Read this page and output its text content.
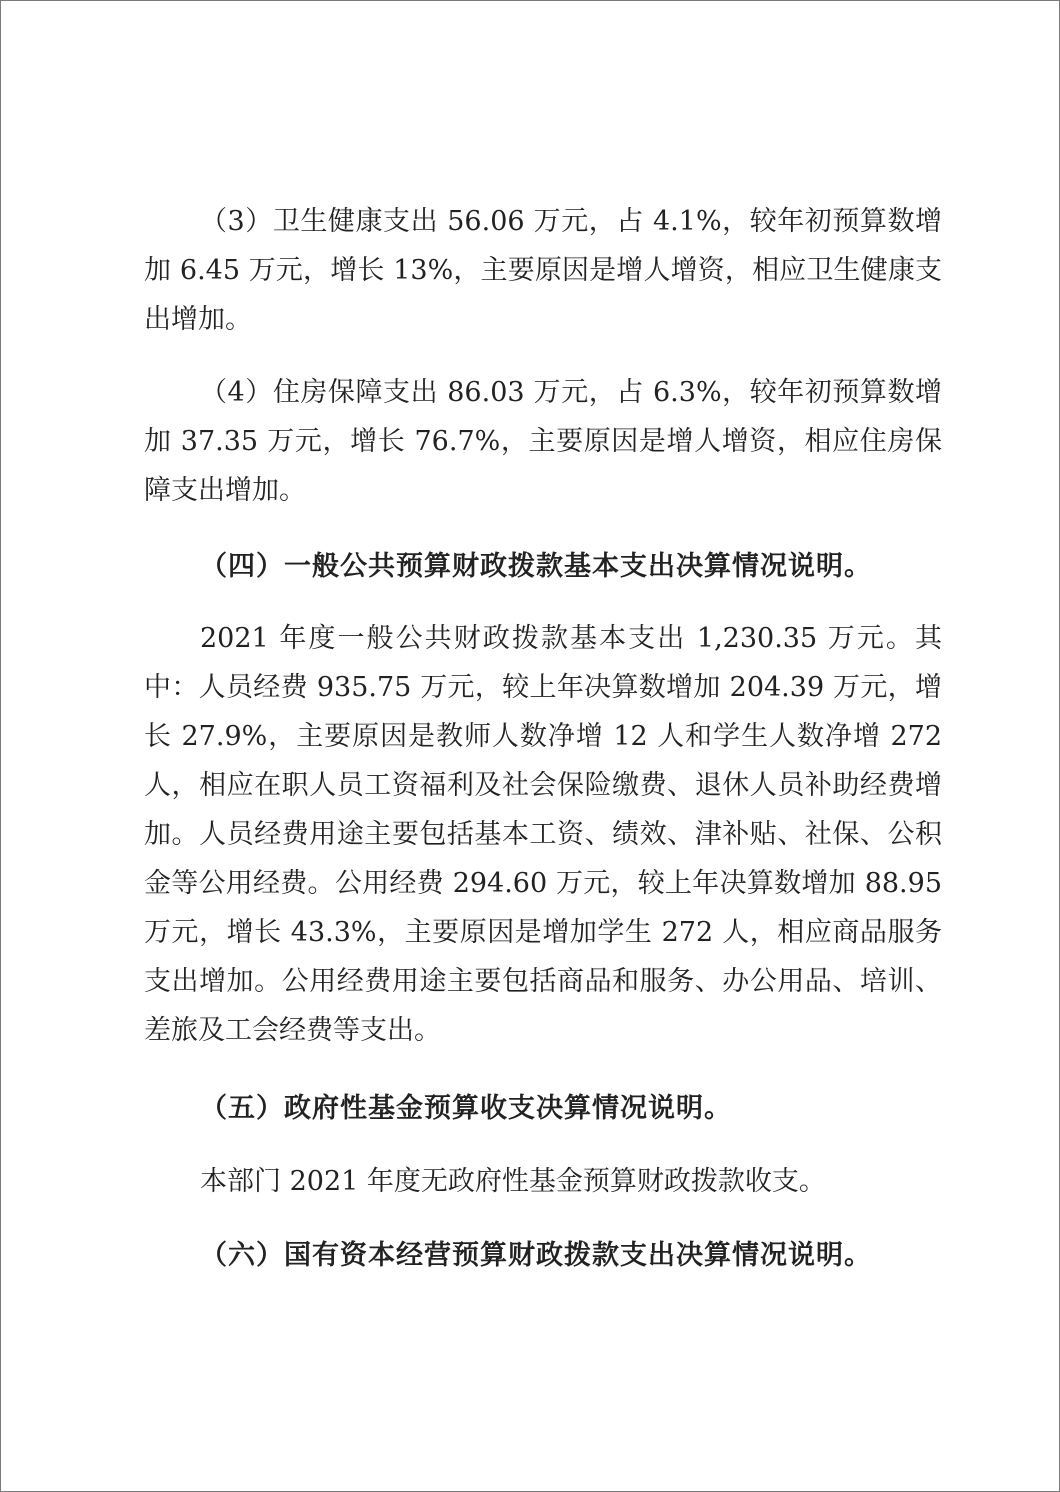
（3）卫生健康支出 56.06 万元，占 4.1%，较年初预算数增加 6.45 万元，增长 13%，主要原因是增人增资，相应卫生健康支出增加。

（4）住房保障支出 86.03 万元，占 6.3%，较年初预算数增加 37.35 万元，增长 76.7%，主要原因是增人增资，相应住房保障支出增加。

（四）一般公共预算财政拨款基本支出决算情况说明。

2021 年度一般公共财政拨款基本支出 1,230.35 万元。其中：人员经费 935.75 万元，较上年决算数增加 204.39 万元，增长 27.9%，主要原因是教师人数净增 12 人和学生人数净增 272 人，相应在职人员工资福利及社会保险缴费、退休人员补助经费增加。人员经费用途主要包括基本工资、绩效、津补贴、社保、公积金等公用经费。公用经费 294.60 万元，较上年决算数增加 88.95 万元，增长 43.3%，主要原因是增加学生 272 人，相应商品服务支出增加。公用经费用途主要包括商品和服务、办公用品、培训、差旅及工会经费等支出。

（五）政府性基金预算收支决算情况说明。

本部门 2021 年度无政府性基金预算财政拨款收支。

（六）国有资本经营预算财政拨款支出决算情况说明。
